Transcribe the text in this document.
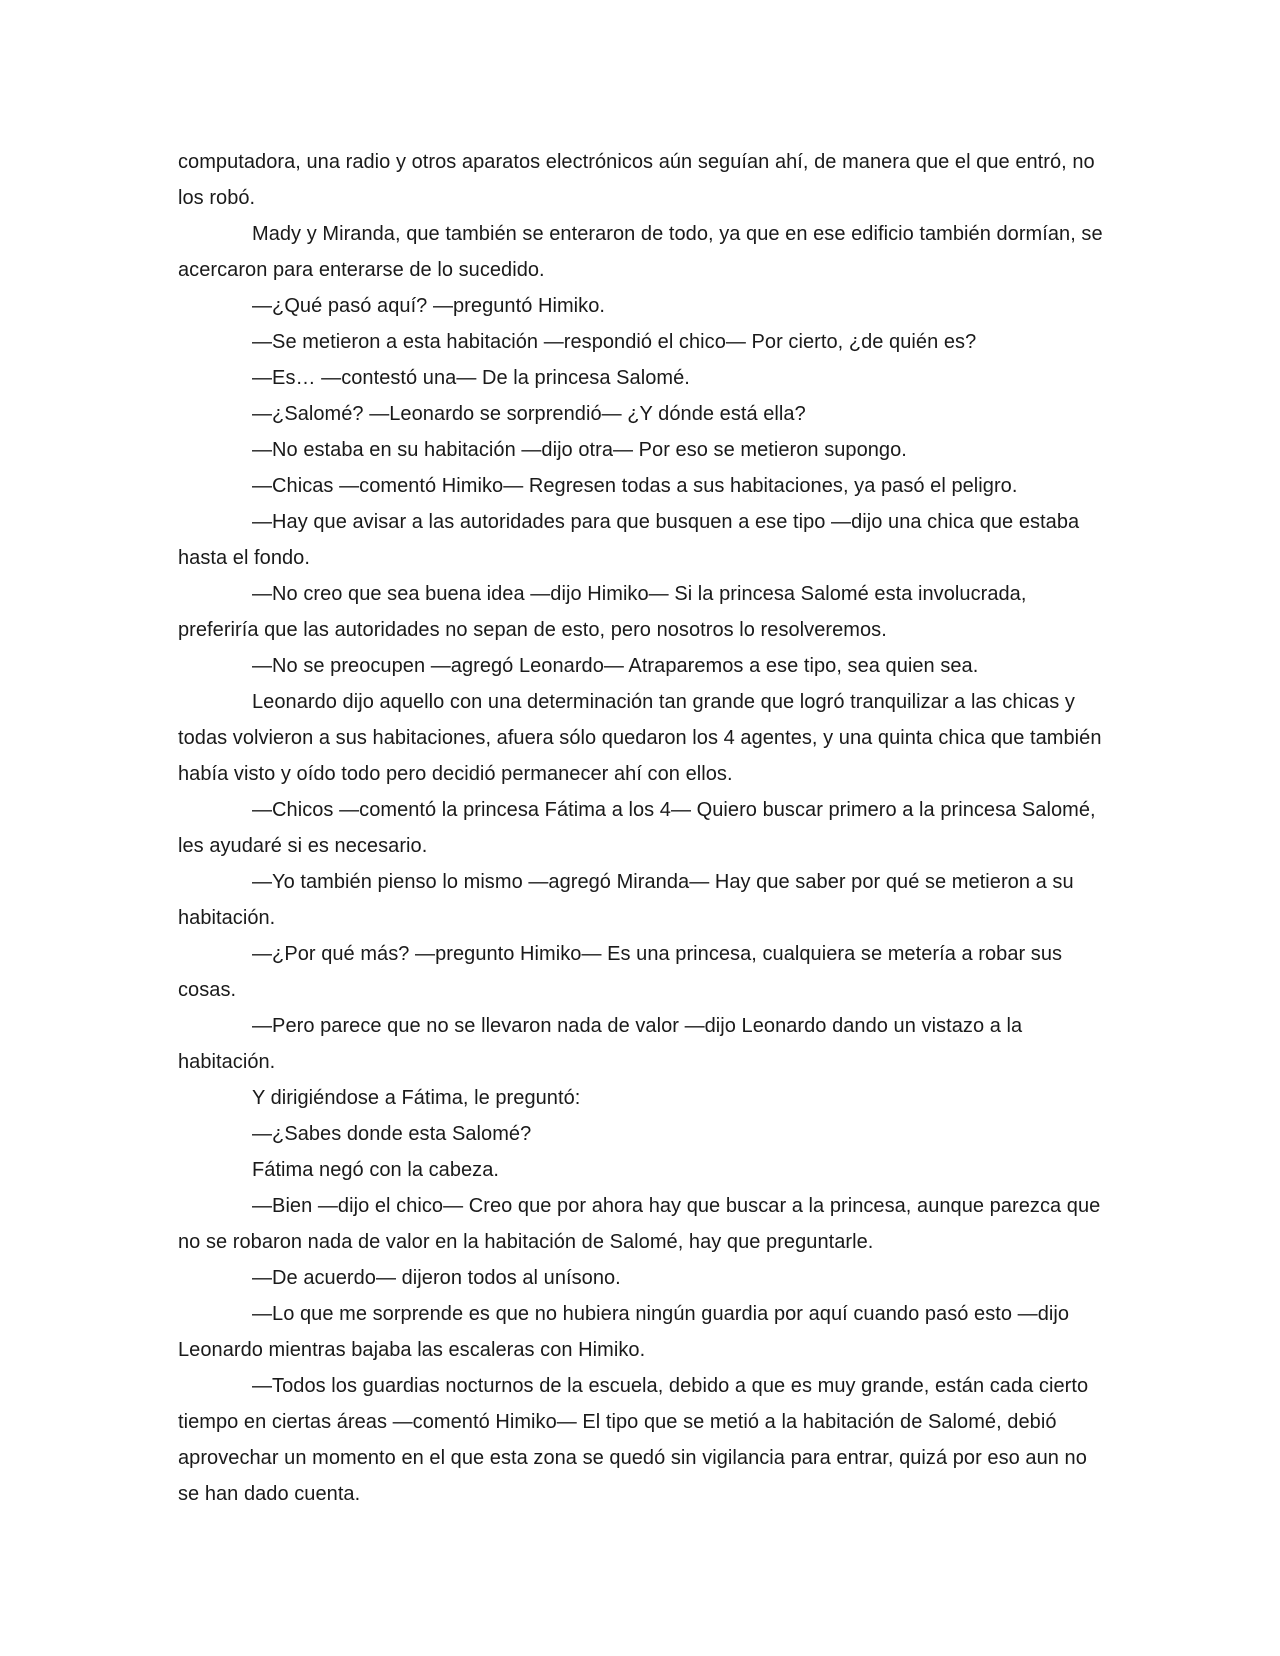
computadora, una radio y otros aparatos electrónicos aún seguían ahí, de manera que el que entró, no los robó.

Mady y Miranda, que también se enteraron de todo, ya que en ese edificio también dormían, se acercaron para enterarse de lo sucedido.

—¿Qué pasó aquí? —preguntó Himiko.

—Se metieron a esta habitación —respondió el chico— Por cierto, ¿de quién es?

—Es… —contestó una— De la princesa Salomé.

—¿Salomé? —Leonardo se sorprendió— ¿Y dónde está ella?

—No estaba en su habitación —dijo otra— Por eso se metieron supongo.

—Chicas —comentó Himiko— Regresen todas a sus habitaciones, ya pasó el peligro.

—Hay que avisar a las autoridades para que busquen a ese tipo —dijo una chica que estaba hasta el fondo.

—No creo que sea buena idea —dijo Himiko— Si la princesa Salomé esta involucrada, preferiría que las autoridades no sepan de esto, pero nosotros lo resolveremos.

—No se preocupen —agregó Leonardo— Atraparemos a ese tipo, sea quien sea.

Leonardo dijo aquello con una determinación tan grande que logró tranquilizar a las chicas y todas volvieron a sus habitaciones, afuera sólo quedaron los 4 agentes, y una quinta chica que también había visto y oído todo pero decidió permanecer ahí con ellos.

—Chicos —comentó la princesa Fátima a los 4— Quiero buscar primero a la princesa Salomé, les ayudaré si es necesario.

—Yo también pienso lo mismo —agregó Miranda— Hay que saber por qué se metieron a su habitación.

—¿Por qué más? —pregunto Himiko— Es una princesa, cualquiera se metería a robar sus cosas.

—Pero parece que no se llevaron nada de valor —dijo Leonardo dando un vistazo a la habitación.

Y dirigiéndose a Fátima, le preguntó:

—¿Sabes donde esta Salomé?

Fátima negó con la cabeza.

—Bien —dijo el chico— Creo que por ahora hay que buscar a la princesa, aunque parezca que no se robaron nada de valor en la habitación de Salomé, hay que preguntarle.

—De acuerdo— dijeron todos al unísono.

—Lo que me sorprende es que no hubiera ningún guardia por aquí cuando pasó esto —dijo Leonardo mientras bajaba las escaleras con Himiko.

—Todos los guardias nocturnos de la escuela, debido a que es muy grande, están cada cierto tiempo en ciertas áreas —comentó Himiko— El tipo que se metió a la habitación de Salomé, debió aprovechar un momento en el que esta zona se quedó sin vigilancia para entrar, quizá por eso aun no se han dado cuenta.
